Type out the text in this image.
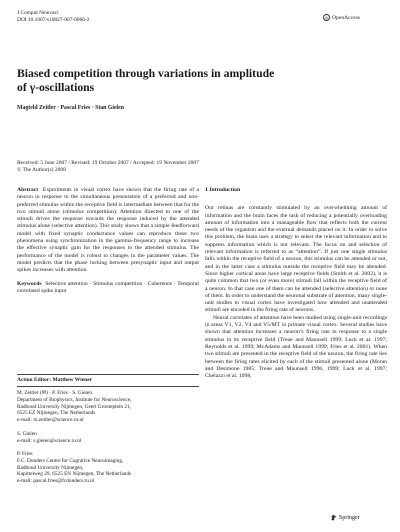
J Comput Neurosci
DOI 10.1007/s10827-007-0066-2	◎ OpenAccess
Biased competition through variations in amplitude
of γ-oscillations
Magteld Zeitler · Pascal Fries · Stan Gielen
Received: 5 June 2007 / Revised: 19 October 2007 / Accepted: 19 November 2007
© The Author(s) 2008

Abstract Experiments in visual cortex have shown that the firing rate of a neuron in response to the simultaneous presentation of a preferred and non-preferred stimulus within the receptive field is intermediate between that for the two stimuli alone (stimulus competition). Attention directed to one of the stimuli drives the response towards the response induced by the attended stimulus alone (selective attention). This study shows that a simple feedforward model with fixed synaptic conductance values can reproduce these two phenomena using synchronization in the gamma-frequency range to increase the effective synaptic gain for the responses to the attended stimulus. The performance of the model is robust to changes in the parameter values. The model predicts that the phase locking between presynaptic input and output spikes increases with attention.

Keywords Selective attention · Stimulus competition · Coherence · Temporal correlated spike input

Action Editor: Matthew Wiener

M. Zeitler (✉) · P. Fries · S. Gielen

Department of Biophysics, Institute for Neuroscience,

Radboud University Nijmegen, Geert Grooteplein 21,

6525 EZ Nijmegen, The Netherlands

e-mail: m.zeitler@science.ru.nl

S. Gielen

e-mail: s.gielen@science.ru.nl

P. Fries

F.C. Donders Centre for Cognitive Neuroimaging,

Radboud University Nijmegen,

Kapittelweg 29, 6525 EN Nijmegen, The Netherlands

e-mail: pascal.fries@fcdonders.ru.nl

1 Introduction

Our retinas are constantly stimulated by an overwhelming amount of information and the brain faces the task of reducing a potentially overloading amount of information into a manageable flow that reflects both the current needs of the organism and the external demands placed on it. In order to solve this problem, the brain uses a strategy to select the relevant information and to suppress information which is not relevant. The focus on and selection of relevant information is referred to as “attention”. If just one single stimulus falls within the receptive field of a neuron, this stimulus can be attended or not, and in the latter case a stimulus outside the receptive field may be attended. Since higher cortical areas have large receptive fields (Smith et al. 2002), it is quite common that two (or even more) stimuli fall within the receptive field of a neuron. In that case one of them can be attended (selective attention) or none of them. In order to understand the neuronal substrate of attention, many single-unit studies in visual cortex have investigated how attended and unattended stimuli are encoded in the firing rate of neurons.

Neural correlates of attention have been studied using single-unit recordings in areas V1, V2, V4 and V5/MT in primate visual cortex. Several studies have shown that attention increases a neuron’s firing rate in response to a single stimulus in its receptive field (Treue and Maunsell 1999; Luck et al. 1997; Reynolds et al. 1999; McAdams and Maunsell 1999; Fries et al. 2001). When two stimuli are presented in the receptive field of the neuron, the firing rate lies between the firing rates elicited by each of the stimuli presented alone (Moran and Desimone 1985; Treue and Maunsell 1996, 1999; Luck et al. 1997; Chelazzi et al. 1998,

Springer
